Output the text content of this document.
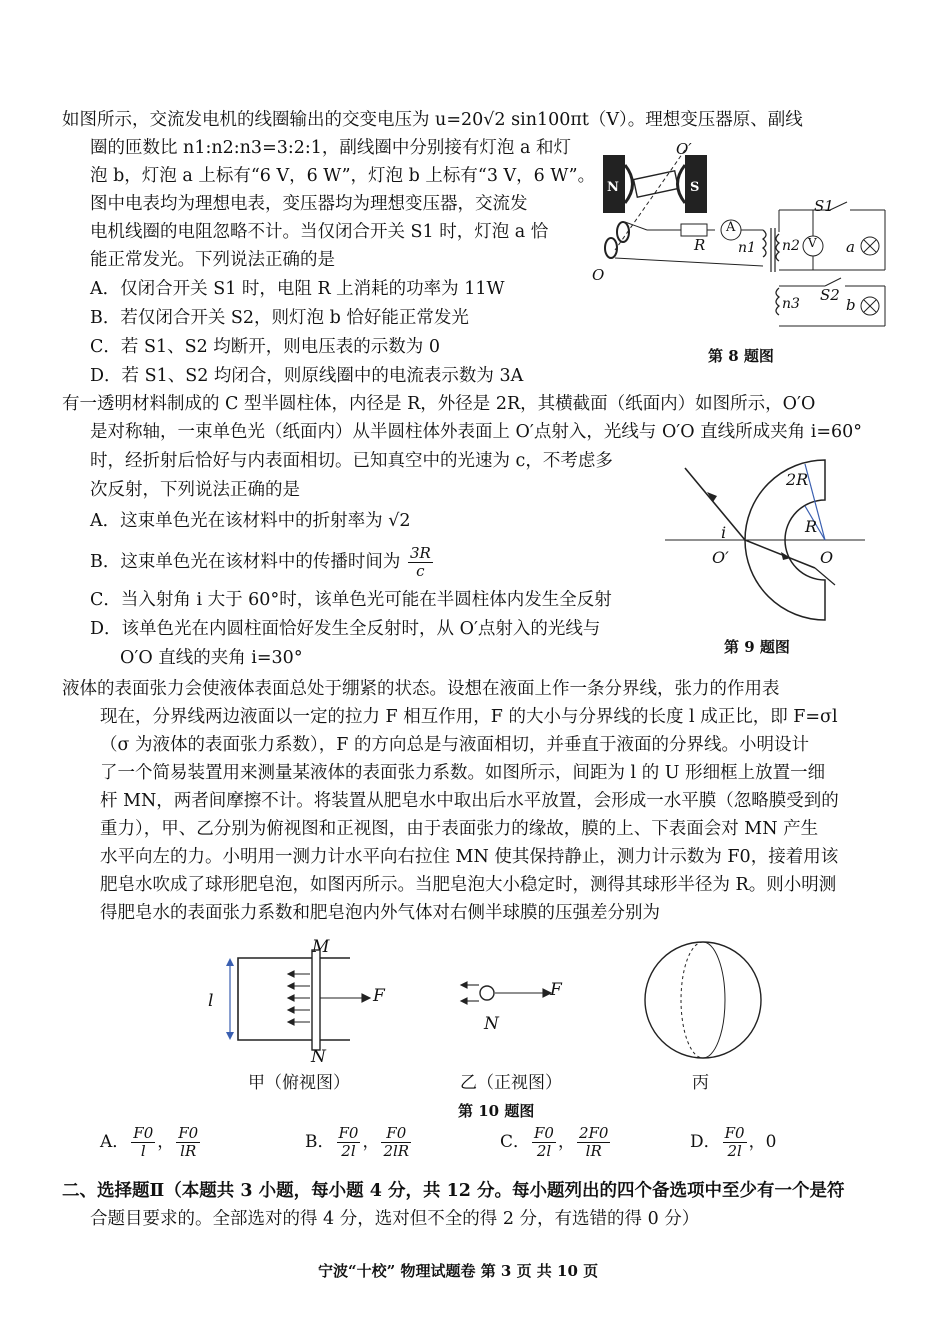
如图所示，交流发电机的线圈输出的交变电压为 u=20√2 sin100πt（V）。理想变压器原、副线
圈的匝数比 n1:n2:n3=3:2:1，副线圈中分别接有灯泡 a 和灯
泡 b，灯泡 a 上标有“6 V，6 W”，灯泡 b 上标有“3 V，6 W”。
图中电表均为理想电表，变压器均为理想变压器，交流发
电机线圈的电阻忽略不计。当仅闭合开关 S1 时，灯泡 a 恰
能正常发光。下列说法正确的是
A．仅闭合开关 S1 时，电阻 R 上消耗的功率为 11W
B．若仅闭合开关 S2，则灯泡 b 恰好能正常发光
C．若 S1、S2 均断开，则电压表的示数为 0
D．若 S1、S2 均闭合，则原线圈中的电流表示数为 3A
N	S
O′
O
R
A
V
n1 n2
n3
S1
S2
a
b
第 8 题图
有一透明材料制成的 C 型半圆柱体，内径是 R，外径是 2R，其横截面（纸面内）如图所示，O′O
是对称轴，一束单色光（纸面内）从半圆柱体外表面上 O′点射入，光线与 O′O 直线所成夹角 i=60°
时，经折射后恰好与内表面相切。已知真空中的光速为 c，不考虑多
次反射，下列说法正确的是
A．这束单色光在该材料中的折射率为 √2
B．这束单色光在该材料中的传播时间为 $\frac{3R}{c}$
C．当入射角 i 大于 60°时，该单色光可能在半圆柱体内发生全反射
D．该单色光在内圆柱面恰好发生全反射时，从 O′点射入的光线与
O′O 直线的夹角 i=30°
2R
R
i
O′	O
第 9 题图
液体的表面张力会使液体表面总处于绷紧的状态。设想在液面上作一条分界线，张力的作用表
现在，分界线两边液面以一定的拉力 F 相互作用，F 的大小与分界线的长度 l 成正比，即 F=σl
（σ 为液体的表面张力系数），F 的方向总是与液面相切，并垂直于液面的分界线。小明设计
了一个简易装置用来测量某液体的表面张力系数。如图所示，间距为 l 的 U 形细框上放置一细
杆 MN，两者间摩擦不计。将装置从肥皂水中取出后水平放置，会形成一水平膜（忽略膜受到的
重力），甲、乙分别为俯视图和正视图，由于表面张力的缘故，膜的上、下表面会对 MN 产生
水平向左的力。小明用一测力计水平向右拉住 MN 使其保持静止，测力计示数为 F0，接着用该
肥皂水吹成了球形肥皂泡，如图丙所示。当肥皂泡大小稳定时，测得其球形半径为 R。则小明测
得肥皂水的表面张力系数和肥皂泡内外气体对右侧半球膜的压强差分别为
M
N
F
l
甲（俯视图）
N
F
乙（正视图）	丙
第 10 题图
A． $\frac{F0}{l}$ ， $\frac{F0}{lR}$	B． $\frac{F0}{2l}$ ， $\frac{F0}{2lR}$	C． $\frac{F0}{2l}$ ， $\frac{2F0}{lR}$	D． $\frac{F0}{2l}$ ，0
二、选择题Ⅱ（本题共 3 小题，每小题 4 分，共 12 分。每小题列出的四个备选项中至少有一个是符
合题目要求的。全部选对的得 4 分，选对但不全的得 2 分，有选错的得 0 分）
宁波“十校” 物理试题卷 第 3 页 共 10 页
